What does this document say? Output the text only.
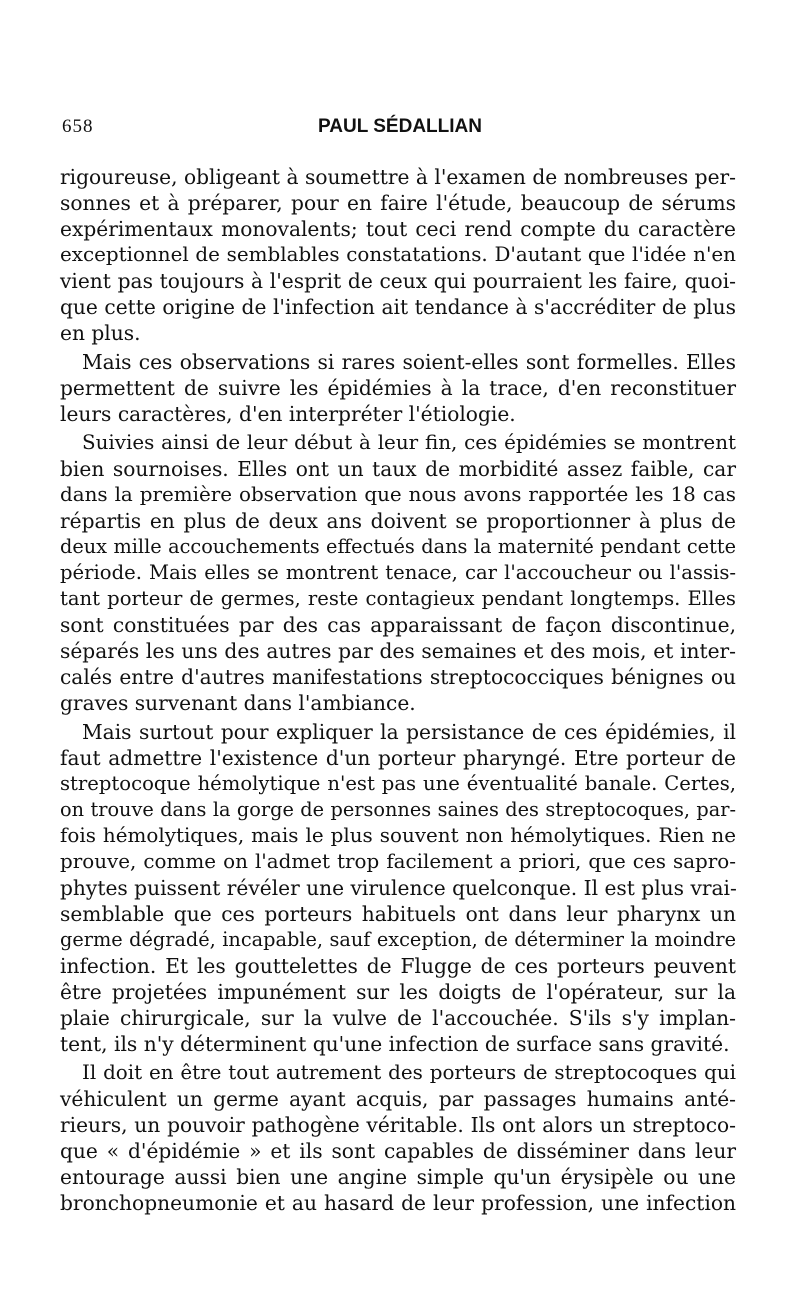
658	PAUL SÉDALLIAN
rigoureuse, obligeant à soumettre à l'examen de nombreuses per-
sonnes et à préparer, pour en faire l'étude, beaucoup de sérums
expérimentaux monovalents; tout ceci rend compte du caractère
exceptionnel de semblables constatations. D'autant que l'idée n'en
vient pas toujours à l'esprit de ceux qui pourraient les faire, quoi-
que cette origine de l'infection ait tendance à s'accréditer de plus
en plus.
Mais ces observations si rares soient-elles sont formelles. Elles
permettent de suivre les épidémies à la trace, d'en reconstituer
leurs caractères, d'en interpréter l'étiologie.
Suivies ainsi de leur début à leur fin, ces épidémies se montrent
bien sournoises. Elles ont un taux de morbidité assez faible, car
dans la première observation que nous avons rapportée les 18 cas
répartis en plus de deux ans doivent se proportionner à plus de
deux mille accouchements effectués dans la maternité pendant cette
période. Mais elles se montrent tenace, car l'accoucheur ou l'assis-
tant porteur de germes, reste contagieux pendant longtemps. Elles
sont constituées par des cas apparaissant de façon discontinue,
séparés les uns des autres par des semaines et des mois, et inter-
calés entre d'autres manifestations streptococciques bénignes ou
graves survenant dans l'ambiance.
Mais surtout pour expliquer la persistance de ces épidémies, il
faut admettre l'existence d'un porteur pharyngé. Etre porteur de
streptocoque hémolytique n'est pas une éventualité banale. Certes,
on trouve dans la gorge de personnes saines des streptocoques, par-
fois hémolytiques, mais le plus souvent non hémolytiques. Rien ne
prouve, comme on l'admet trop facilement a priori, que ces sapro-
phytes puissent révéler une virulence quelconque. Il est plus vrai-
semblable que ces porteurs habituels ont dans leur pharynx un
germe dégradé, incapable, sauf exception, de déterminer la moindre
infection. Et les gouttelettes de Flugge de ces porteurs peuvent
être projetées impunément sur les doigts de l'opérateur, sur la
plaie chirurgicale, sur la vulve de l'accouchée. S'ils s'y implan-
tent, ils n'y déterminent qu'une infection de surface sans gravité.
Il doit en être tout autrement des porteurs de streptocoques qui
véhiculent un germe ayant acquis, par passages humains anté-
rieurs, un pouvoir pathogène véritable. Ils ont alors un streptoco-
que « d'épidémie » et ils sont capables de disséminer dans leur
entourage aussi bien une angine simple qu'un érysipèle ou une
bronchopneumonie et au hasard de leur profession, une infection
